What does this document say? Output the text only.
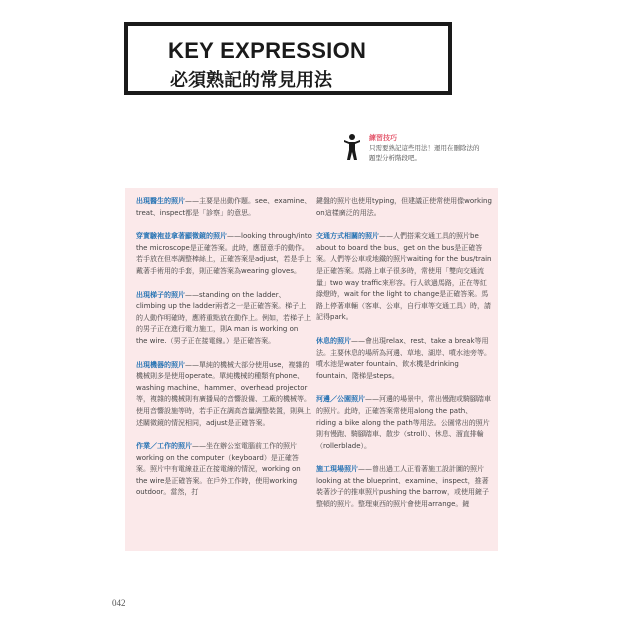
KEY EXPRESSION
必須熟記的常見用法
練習技巧
只需要熟記這些用法！運用在刪除法的題型分析階段吧。

出現醫生的照片——主要是出動作題。see、examine、treat、inspect都是「診察」的意思。

穿實驗袍並拿著顯微鏡的照片——looking through/into the microscope是正確答案。此時，應留意手的動作。若手放在但率調整棒絲上，正確答案是adjust，若是手上戴著手術用的手套，則正確答案為wearing gloves。

出現梯子的照片——standing on the ladder、climbing up the ladder兩者之一是正確答案。梯子上的人動作明確時，應將重點放在動作上。例如，若梯子上的男子正在進行電力施工，則A man is working on the wire.（男子正在接電線。）是正確答案。

出現機器的照片——單純的機械大部分使用use，複雜的機械則多是使用operate。單純機械的種類有phone、washing machine、hammer、overhead projector等，複雜的機械則有廣播局的音響設備、工廠的機械等。使用音響設施等時，若手正在調高音量調整裝置，則與上述關微鏡的情況相同，adjust是正確答案。

作業／工作的照片——坐在辦公室電腦前工作的照片working on the computer（keyboard）是正確答案。照片中有電線並正在接電線的情況，working on the wire是正確答案。在戶外工作時，使用working outdoor。當然，打

鍵盤的照片也使用typing，但建議正使常使用像working on這樣廣泛的用法。

交通方式相關的照片——人們搭乘交通工具的照片be about to board the bus、get on the bus是正確答案。人們等公車或地鐵的照片waiting for the bus/train是正確答案。馬路上車子很多時，常使用「雙向交通流量」two way traffic來形容。行人欲過馬路，正在等紅綠燈時，wait for the light to change是正確答案。馬路上停著車輛（客車、公車，自行車等交通工具）時，請記得park。

休息的照片——會出現relax、rest、take a break等用法。主要休息的場所為河邊、草地、湖岸、噴水池旁等。噴水池是water fountain、飲水機是drinking fountain、階梯是steps。

河邊／公園照片——河邊的場景中，常出慢跑或騎腳踏車的照片。此時，正確答案常使用along the path、riding a bike along the path等用法。公園常出的照片則有慢跑、騎腳踏車、散步（stroll）、休息、溜直排輪（rollerblade）。

施工現場照片——曾出過工人正看著施工設計圖的照片looking at the blueprint、examine、inspect，推著裝著沙子的推車照片pushing the barrow，或使用鏟子整頓的照片。整理東西的照片會使用arrange。鏟

042
